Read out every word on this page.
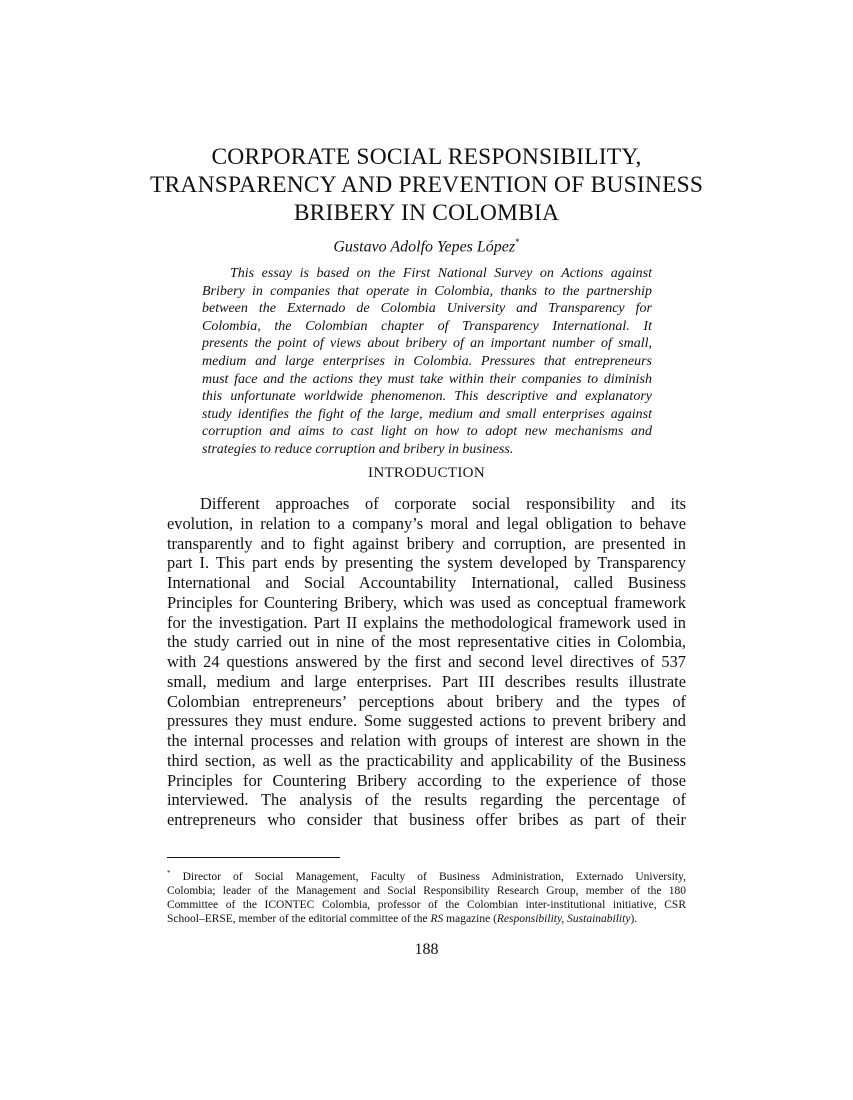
CORPORATE SOCIAL RESPONSIBILITY,
TRANSPARENCY AND PREVENTION OF BUSINESS
BRIBERY IN COLOMBIA
Gustavo Adolfo Yepes López*
This essay is based on the First National Survey on Actions against
Bribery in companies that operate in Colombia, thanks to the partnership
between the Externado de Colombia University and Transparency for
Colombia, the Colombian chapter of Transparency International. It
presents the point of views about bribery of an important number of small,
medium and large enterprises in Colombia. Pressures that entrepreneurs
must face and the actions they must take within their companies to diminish
this unfortunate worldwide phenomenon. This descriptive and explanatory
study identifies the fight of the large, medium and small enterprises against
corruption and aims to cast light on how to adopt new mechanisms and
strategies to reduce corruption and bribery in business.
INTRODUCTION
Different approaches of corporate social responsibility and its
evolution, in relation to a company’s moral and legal obligation to behave
transparently and to fight against bribery and corruption, are presented in
part I. This part ends by presenting the system developed by Transparency
International and Social Accountability International, called Business
Principles for Countering Bribery, which was used as conceptual framework
for the investigation. Part II explains the methodological framework used in
the study carried out in nine of the most representative cities in Colombia,
with 24 questions answered by the first and second level directives of 537
small, medium and large enterprises. Part III describes results illustrate
Colombian entrepreneurs’ perceptions about bribery and the types of
pressures they must endure. Some suggested actions to prevent bribery and
the internal processes and relation with groups of interest are shown in the
third section, as well as the practicability and applicability of the Business
Principles for Countering Bribery according to the experience of those
interviewed. The analysis of the results regarding the percentage of
entrepreneurs who consider that business offer bribes as part of their
* Director of Social Management, Faculty of Business Administration, Externado University,
Colombia; leader of the Management and Social Responsibility Research Group, member of the 180
Committee of the ICONTEC Colombia, professor of the Colombian inter-institutional initiative, CSR
School–ERSE, member of the editorial committee of the RS magazine (Responsibility, Sustainability).
188
